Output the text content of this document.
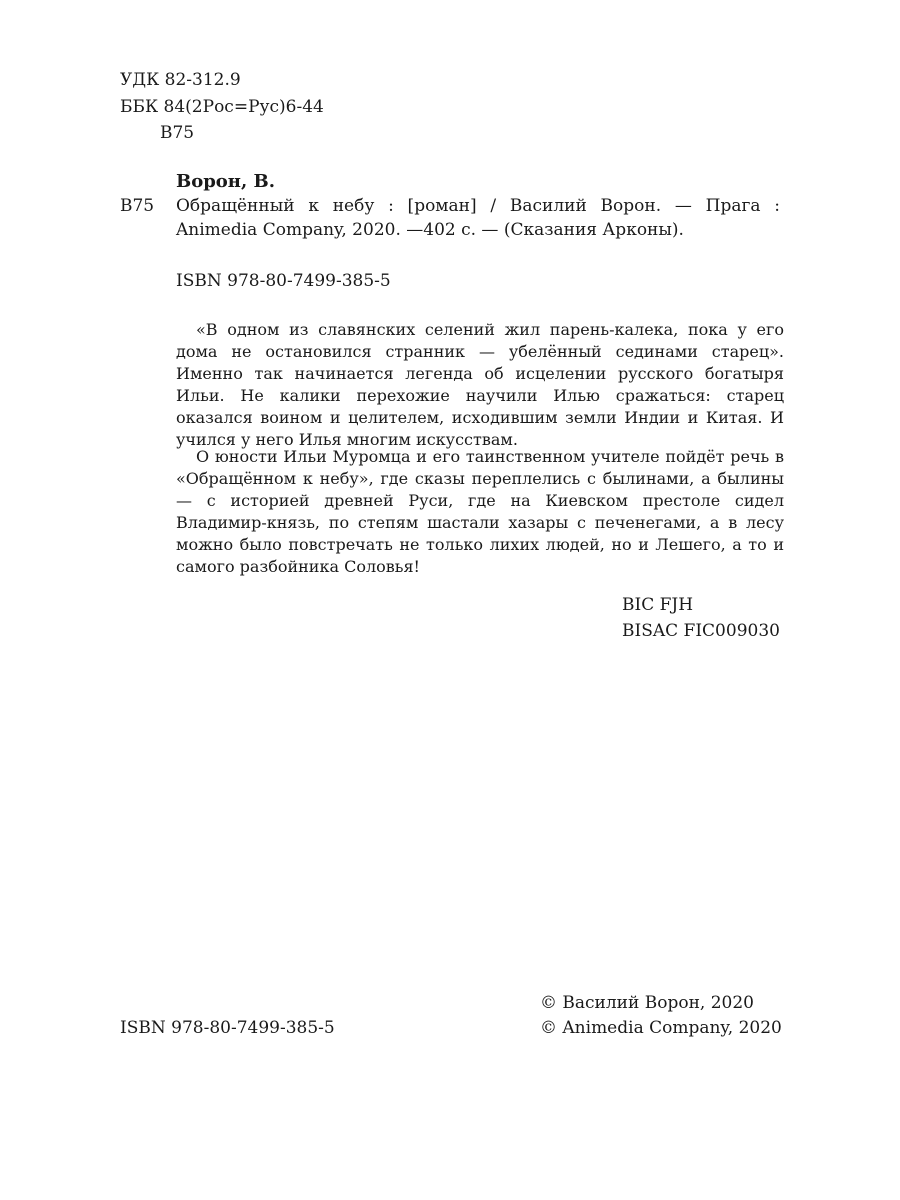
УДК 82-312.9
ББК 84(2Рос=Рус)6-44
В75
Ворон, В.
В75 Обращённый к небу : [роман] / Василий Ворон. — Прага :
Animedia Company, 2020. —402 с. — (Сказания Арконы).
ISBN 978-80-7499-385-5
«В одном из славянских селений жил парень-калека, пока у его дома не остановился странник — убелённый сединами старец». Именно так начинается легенда об исцелении русского богатыря Ильи. Не калики перехожие научили Илью сражаться: старец оказался воином и целителем, исходившим земли Индии и Китая. И учился у него Илья многим искусствам.
О юности Ильи Муромца и его таинственном учителе пойдёт речь в «Обращённом к небу», где сказы переплелись с былинами, а былины — с историей древней Руси, где на Киевском престоле сидел Владимир-князь, по степям шастали хазары с печенегами, а в лесу можно было повстречать не только лихих людей, но и Лешего, а то и самого разбойника Соловья!
BIC FJH
BISAC FIC009030
© Василий Ворон, 2020
ISBN 978-80-7499-385-5	© Animedia Company, 2020
